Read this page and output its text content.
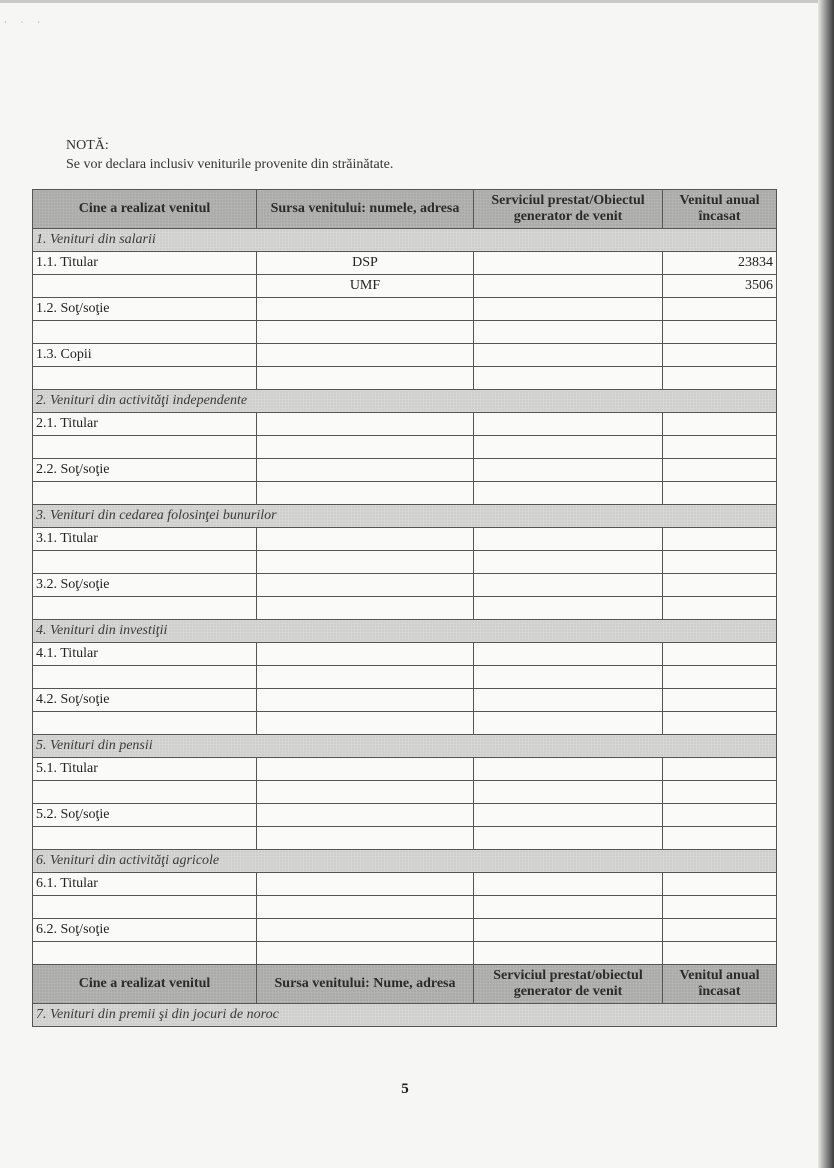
· · ·

NOTĂ:

Se vor declara inclusiv veniturile provenite din străinătate.

Cine a realizat venitul	Sursa venitului: numele, adresa	Serviciul prestat/Obiectul generator de venit	Venitul anual încasat
1. Venituri din salarii			
1.1. Titular	DSP		23834
	UMF		3506
1.2. Soţ/soţie			

1.3. Copii			

2. Venituri din activităţi independente			
2.1. Titular			

2.2. Soţ/soţie			

3. Venituri din cedarea folosinţei bunurilor			
3.1. Titular			

3.2. Soţ/soţie			

4. Venituri din investiţii			
4.1. Titular			

4.2. Soţ/soţie			

5. Venituri din pensii			
5.1. Titular			

5.2. Soţ/soţie			

6. Venituri din activităţi agricole			
6.1. Titular			

6.2. Soţ/soţie			

Cine a realizat venitul	Sursa venitului: Nume, adresa	Serviciul prestat/obiectul generator de venit	Venitul anual încasat
7. Venituri din premii şi din jocuri de noroc			
5
